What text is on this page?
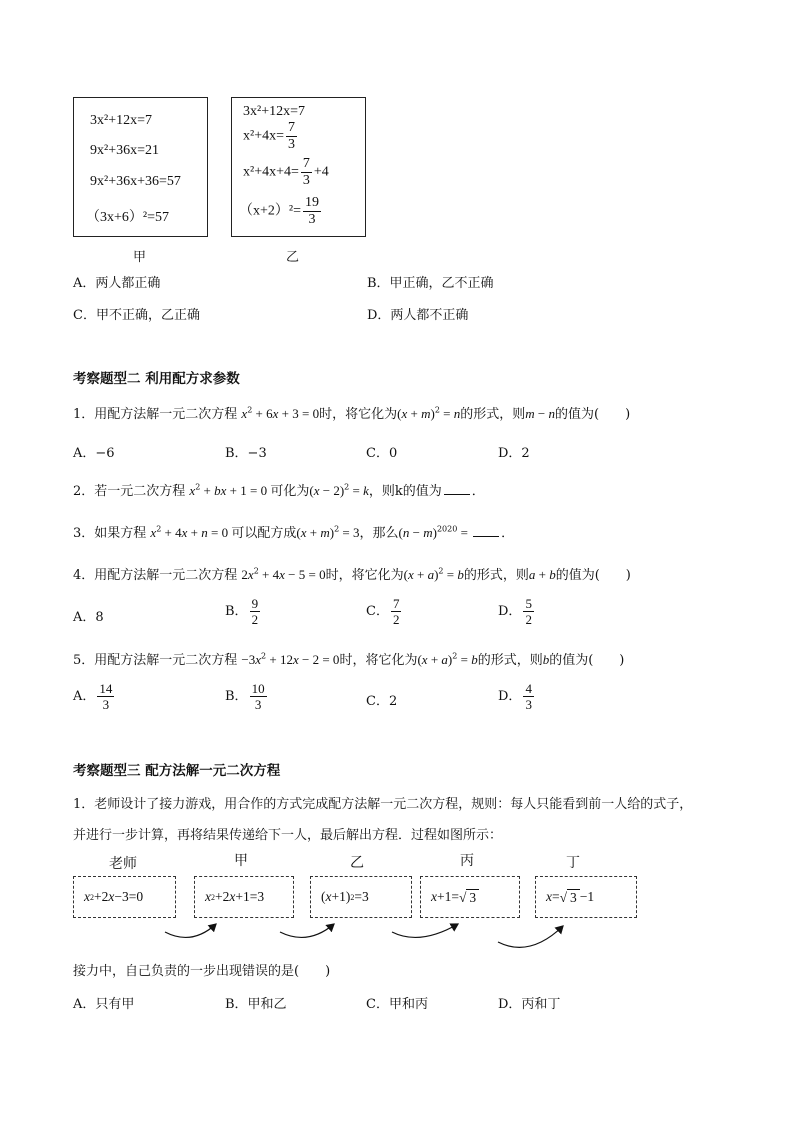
3x²+12x=7
9x²+36x=21
9x²+36x+36=57
（3x+6）²=57
甲
3x²+12x=7
$x^2+4x= \frac{7}{3}$
$x^2+4x+4= \frac{7}{3} +4$
$(x+2)^2= \frac{19}{3}$
乙
A．两人都正确	B．甲正确，乙不正确
C．甲不正确，乙正确	D．两人都不正确
考察题型二 利用配方求参数
1．用配方法解一元二次方程 $x^2 + 6x + 3 = 0$时，将它化为$(x + m)^2 = n$的形式，则m − n的值为(　　)
A．−6	B．−3	C．0	D．2
2．若一元二次方程 $x^2$ + bx + 1 = 0 可化为$(x - 2)^2 = k$，则k的值为 ．
3．如果方程 $x^2 + 4x + n = 0$ 可以配方成$(x + m)^2 = 3$，那么$(n - m)^{2020}$ = ．
4．用配方法解一元二次方程 $2x^2 + 4x - 5 = 0$时，将它化为$(x + a)^2 = b$的形式，则a + b的值为(　　)
A．8	B． $\frac{9}{2}$	C． $\frac{7}{2}$	D． $\frac{5}{2}$
5．用配方法解一元二次方程 $-3x^2 + 12x - 2 = 0$时，将它化为$(x + a)^2 = b$的形式，则b的值为(　　)
A． $\frac{14}{3}$	B． $\frac{10}{3}$	C．2	D． $\frac{4}{3}$
考察题型三 配方法解一元二次方程
1．老师设计了接力游戏，用合作的方式完成配方法解一元二次方程，规则：每人只能看到前一人给的式子，
并进行一步计算，再将结果传递给下一人，最后解出方程．过程如图所示：
老师	甲	乙	丙	丁
x 2 +2 x −3=0	x 2 +2 x +1=3	( x +1) 2 =3	x +1= √ 3	x = √ 3 −1
接力中，自己负责的一步出现错误的是(　　)
A．只有甲	B．甲和乙	C．甲和丙	D．丙和丁
